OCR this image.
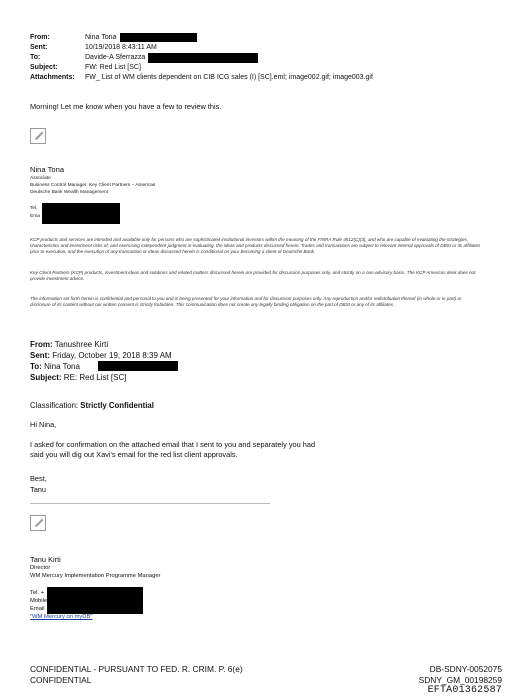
From:	Nina Tona
Sent:	10/19/2018 8:43:11 AM
To:	Davide-A Sferrazza
Subject:	FW: Red List [SC]
Attachments: FW_ List of WM clients dependent on CIB ICG sales (I) [SC].eml; image002.gif; image003.gif
Morning! Let me know when you have a few to review this.
Nina Tona
Associate
Business Control Manager, Key Client Partners – Americas
Deutsche Bank Wealth Management
Tel.
Ema
KCP products and services are intended and available only for persons who are sophisticated institutional investors within the meaning of the FINRA Rule 4512(C)(3), and who are capable of evaluating the strategies, characteristics and investment risks of, and exercising independent judgment in evaluating, the ideas and products discussed herein. Trades and transactions are subject to relevant internal approvals of DBSI or its affiliates prior to execution, and the execution of any transaction or ideas discussed herein is conditional on your becoming a client of Deutsche Bank.
Key Client Partners (KCP) products, investment ideas and solutions and related matters discussed herein are provided for discussion purposes only, and strictly on a non-advisory basis. The KCP Americas desk does not provide investment advice.
The information set forth herein is confidential and personal to you and is being presented for your information and for discussion purposes only. Any reproduction and/or redistribution thereof (in whole or in part) or disclosure of its content without our written consent is strictly forbidden. This communication does not create any legally binding obligation on the part of DBSI or any of its affiliates.
From: Tanushree Kirti
Sent: Friday, October 19, 2018 8:39 AM
To: Nina Tona
Subject: RE: Red List [SC]
Classification: Strictly Confidential
Hi Nina,
I asked for confirmation on the attached email that I sent to you and separately you had said you will dig out Xavi's email for the red list client approvals.
Best,
Tanu
Tanu Kirti
Director
WM Mercury Implementation Programme Manager
Tel. +
Mobile
Email
"WM Mercury on myDB"
CONFIDENTIAL - PURSUANT TO FED. R. CRIM. P. 6(e)
CONFIDENTIAL
DB-SDNY-0052075
SDNY_GM_00198259
EFTA01362587
